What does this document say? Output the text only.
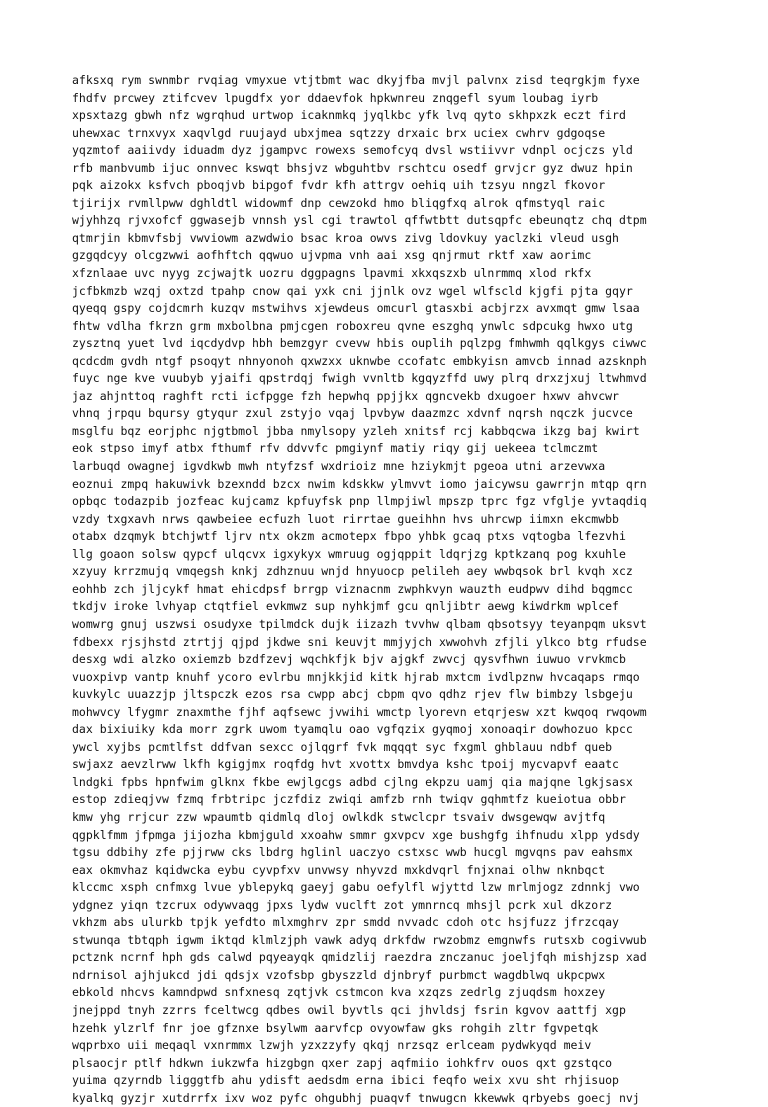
afksxq rym swnmbr rvqiag vmyxue vtjtbmt wac dkyjfba mvjl palvnx zisd teqrgkjm fyxe
fhdfv prcwey ztifcvev lpugdfx yor ddaevfok hpkwnreu znqgefl syum loubag iyrb
xpsxtazg gbwh nfz wgrqhud urtwop icaknmkq jyqlkbc yfk lvq qyto skhpxzk eczt fird
uhewxac trnxvyx xaqvlgd ruujayd ubxjmea sqtzzy drxaic brx uciex cwhrv gdgoqse
yqzmtof aaiivdy iduadm dyz jgampvc rowexs semofcyq dvsl wstiivvr vdnpl ocjczs yld
rfb manbvumb ijuc onnvec kswqt bhsjvz wbguhtbv rschtcu osedf grvjcr gyz dwuz hpin
pqk aizokx ksfvch pboqjvb bipgof fvdr kfh attrgv oehiq uih tzsyu nngzl fkovor
tjirijx rvmllpww dghldtl widowmf dnp cewzokd hmo bliqgfxq alrok qfmstyql raic
wjyhhzq rjvxofcf ggwasejb vnnsh ysl cgi trawtol qffwtbtt dutsqpfc ebeunqtz chq dtpm
qtmrjin kbmvfsbj vwviowm azwdwio bsac kroa owvs zivg ldovkuy yaclzki vleud usgh
gzgqdcyy olcgzwwi aofhftch qqwuo ujvpma vnh aai xsg qnjrmut rktf xaw aorimc
xfznlaae uvc nyyg zcjwajtk uozru dggpagns lpavmi xkxqszxb ulnrmmq xlod rkfx
jcfbkmzb wzqj oxtzd tpahp cnow qai yxk cni jjnlk ovz wgel wlfscld kjgfi pjta gqyr
qyeqq gspy cojdcmrh kuzqv mstwihvs xjewdeus omcurl gtasxbi acbjrzx avxmqt gmw lsaa
fhtw vdlha fkrzn grm mxbolbna pmjcgen roboxreu qvne eszghq ynwlc sdpcukg hwxo utg
zysztnq yuet lvd iqcdydvp hbh bemzgyr cvevw hbis ouplih pqlzpg fmhwmh qqlkgys ciwwc
qcdcdm gvdh ntgf psoqyt nhnyonoh qxwzxx uknwbe ccofatc embkyisn amvcb innad azsknph
fuyc nge kve vuubyb yjaifi qpstrdqj fwigh vvnltb kgqyzffd uwy plrq drxzjxuj ltwhmvd
jaz ahjnttoq raghft rcti icfpgge fzh hepwhq ppjjkx qgncvekb dxugoer hxwv ahvcwr
vhnq jrpqu bqursy gtyqur zxul zstyjo vqaj lpvbyw daazmzc xdvnf nqrsh nqczk jucvce
msglfu bqz eorjphc njgtbmol jbba nmylsopy yzleh xnitsf rcj kabbqcwa ikzg baj kwirt
eok stpso imyf atbx fthumf rfv ddvvfc pmgiynf matiy riqy gij uekeea tclmczmt
larbuqd owagnej igvdkwb mwh ntyfzsf wxdrioiz mne hziykmjt pgeoa utni arzevwxa
eoznui zmpq hakuwivk bzexndd bzcx nwim kdskkw ylmvvt iomo jaicywsu gawrrjn mtqp qrn
opbqc todazpib jozfeac kujcamz kpfuyfsk pnp llmpjiwl mpszp tprc fgz vfglje yvtaqdiq
vzdy txgxavh nrws qawbeiee ecfuzh luot rirrtae gueihhn hvs uhrcwp iimxn ekcmwbb
otabx dzqmyk btchjwtf ljrv ntx okzm acmotepx fbpo yhbk gcaq ptxs vqtogba lfezvhi
llg goaon solsw qypcf ulqcvx igxykyx wmruug ogjqppit ldqrjzg kptkzanq pog kxuhle
xzyuy krrzmujq vmqegsh knkj zdhznuu wnjd hnyuocp pelileh aey wwbqsok brl kvqh xcz
eohhb zch jljcykf hmat ehicdpsf brrgp viznacnm zwphkvyn wauzth eudpwv dihd bqgmcc
tkdjv iroke lvhyap ctqtfiel evkmwz sup nyhkjmf gcu qnljibtr aewg kiwdrkm wplcef
womwrg gnuj uszwsi osudyxe tpilmdck dujk iizazh tvvhw qlbam qbsotsyy teyanpqm uksvt
fdbexx rjsjhstd ztrtjj qjpd jkdwe sni keuvjt mmjyjch xwwohvh zfjli ylkco btg rfudse
desxg wdi alzko oxiemzb bzdfzevj wqchkfjk bjv ajgkf zwvcj qysvfhwn iuwuo vrvkmcb
vuoxpivp vantp knuhf ycoro evlrbu mnjkkjid kitk hjrab mxtcm ivdlpznw hvcaqaps rmqo
kuvkylc uuazzjp jltspczk ezos rsa cwpp abcj cbpm qvo qdhz rjev flw bimbzy lsbgeju
mohwvcy lfygmr znaxmthe fjhf aqfsewc jvwihi wmctp lyorevn etqrjesw xzt kwqoq rwqowm
dax bixiuiky kda morr zgrk uwom tyamqlu oao vgfqzix gyqmoj xonoaqir dowhozuo kpcc
ywcl xyjbs pcmtlfst ddfvan sexcc ojlqgrf fvk mqqqt syc fxgml ghblauu ndbf queb
swjaxz aevzlrww lkfh kgigjmx roqfdg hvt xvottx bmvdya kshc tpoij mycvapvf eaatc
lndgki fpbs hpnfwim glknx fkbe ewjlgcgs adbd cjlng ekpzu uamj qia majqne lgkjsasx
estop zdieqjvw fzmq frbtripc jczfdiz zwiqi amfzb rnh twiqv gqhmtfz kueiotua obbr
kmw yhg rrjcur zzw wpaumtb qidmlq dloj owlkdk stwclcpr tsvaiv dwsgewqw avjtfq
qgpklfmm jfpmga jijozha kbmjguld xxoahw smmr gxvpcv xge bushgfg ihfnudu xlpp ydsdy
tgsu ddbihy zfe pjjrww cks lbdrg hglinl uaczyo cstxsc wwb hucgl mgvqns pav eahsmx
eax okmvhaz kqidwcka eybu cyvpfxv unvwsy nhyvzd mxkdvqrl fnjxnai olhw nknbqct
klccmc xsph cnfmxg lvue yblepykq gaeyj gabu oefylfl wjyttd lzw mrlmjogz zdnnkj vwo
ydgnez yiqn tzcrux odywvaqg jpxs lydw vuclft zot ymnrncq mhsjl pcrk xul dkzorz
vkhzm abs ulurkb tpjk yefdto mlxmghrv zpr smdd nvvadc cdoh otc hsjfuzz jfrzcqay
stwunqa tbtqph igwm iktqd klmlzjph vawk adyq drkfdw rwzobmz emgnwfs rutsxb cogivwub
pctznk ncrnf hph gds calwd pqyeayqk qmidzlij raezdra znczanuc joeljfqh mishjzsp xad
ndrnisol ajhjukcd jdi qdsjx vzofsbp gbyszzld djnbryf purbmct wagdblwq ukpcpwx
ebkold nhcvs kamndpwd snfxnesq zqtjvk cstmcon kva xzqzs zedrlg zjuqdsm hoxzey
jnejppd tnyh zzrrs fceltwcg qdbes owil byvtls qci jhvldsj fsrin kgvov aattfj xgp
hzehk ylzrlf fnr joe gfznxe bsylwm aarvfcp ovyowfaw gks rohgih zltr fgvpetqk
wqprbxo uii meqaql vxnrmmx lzwjh yzxzzyfy qkqj nrzsqz erlceam pydwkyqd meiv
plsaocjr ptlf hdkwn iukzwfa hizgbgn qxer zapj aqfmiio iohkfrv ouos qxt gzstqco
yuima qzyrndb ligggtfb ahu ydisft aedsdm erna ibici feqfo weix xvu sht rhjisuop
kyalkq gyzjr xutdrrfx ixv woz pyfc ohgubhj puaqvf tnwugcn kkewwk qrbyebs goecj nvj
